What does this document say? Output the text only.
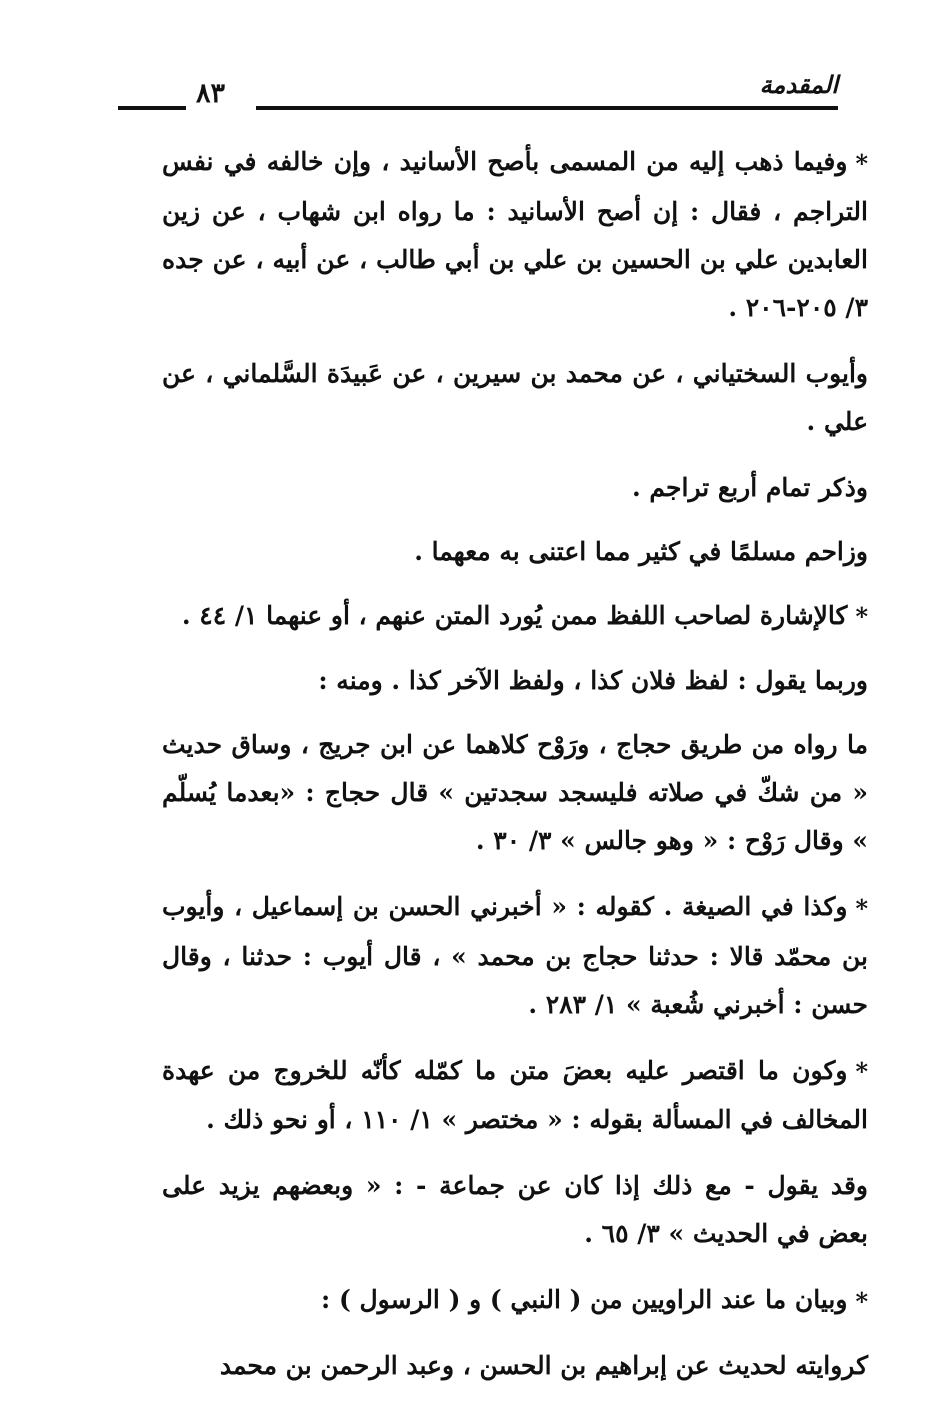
المقدمة
٨٣

*وفيما ذهب إليه من المسمى بأصح الأسانيد ، وإن خالفه في نفس التراجم ، فقال : إن أصح الأسانيد : ما رواه ابن شهاب ، عن زين العابدين علي بن الحسين بن علي بن أبي طالب ، عن أبيه ، عن جده ٣/ ٢٠٥-٢٠٦ .

وأيوب السختياني ، عن محمد بن سيرين ، عن عَبيدَة السَّلماني ، عن علي .

وذكر تمام أربع تراجم .

وزاحم مسلمًا في كثير مما اعتنى به معهما .

*كالإشارة لصاحب اللفظ ممن يُورد المتن عنهم ، أو عنهما ١/ ٤٤ .

وربما يقول : لفظ فلان كذا ، ولفظ الآخر كذا . ومنه :

ما رواه من طريق حجاج ، ورَوْح كلاهما عن ابن جريج ، وساق حديث « من شكّ في صلاته فليسجد سجدتين » قال حجاج : «بعدما يُسلّم » وقال رَوْح : « وهو جالس » ٣/ ٣٠ .

*وكذا في الصيغة . كقوله : « أخبرني الحسن بن إسماعيل ، وأيوب بن محمّد قالا : حدثنا حجاج بن محمد » ، قال أيوب : حدثنا ، وقال حسن : أخبرني شُعبة » ١/ ٢٨٣ .

*وكون ما اقتصر عليه بعضَ متن ما كمّله كأنّه للخروج من عهدة المخالف في المسألة بقوله : « مختصر » ١/ ١١٠ ، أو نحو ذلك .

وقد يقول - مع ذلك إذا كان عن جماعة - : « وبعضهم يزيد على بعض في الحديث » ٣/ ٦٥ .

*وبيان ما عند الراويين من ( النبي ) و ( الرسول ) :

كروايته لحديث عن إبراهيم بن الحسن ، وعبد الرحمن بن محمد
